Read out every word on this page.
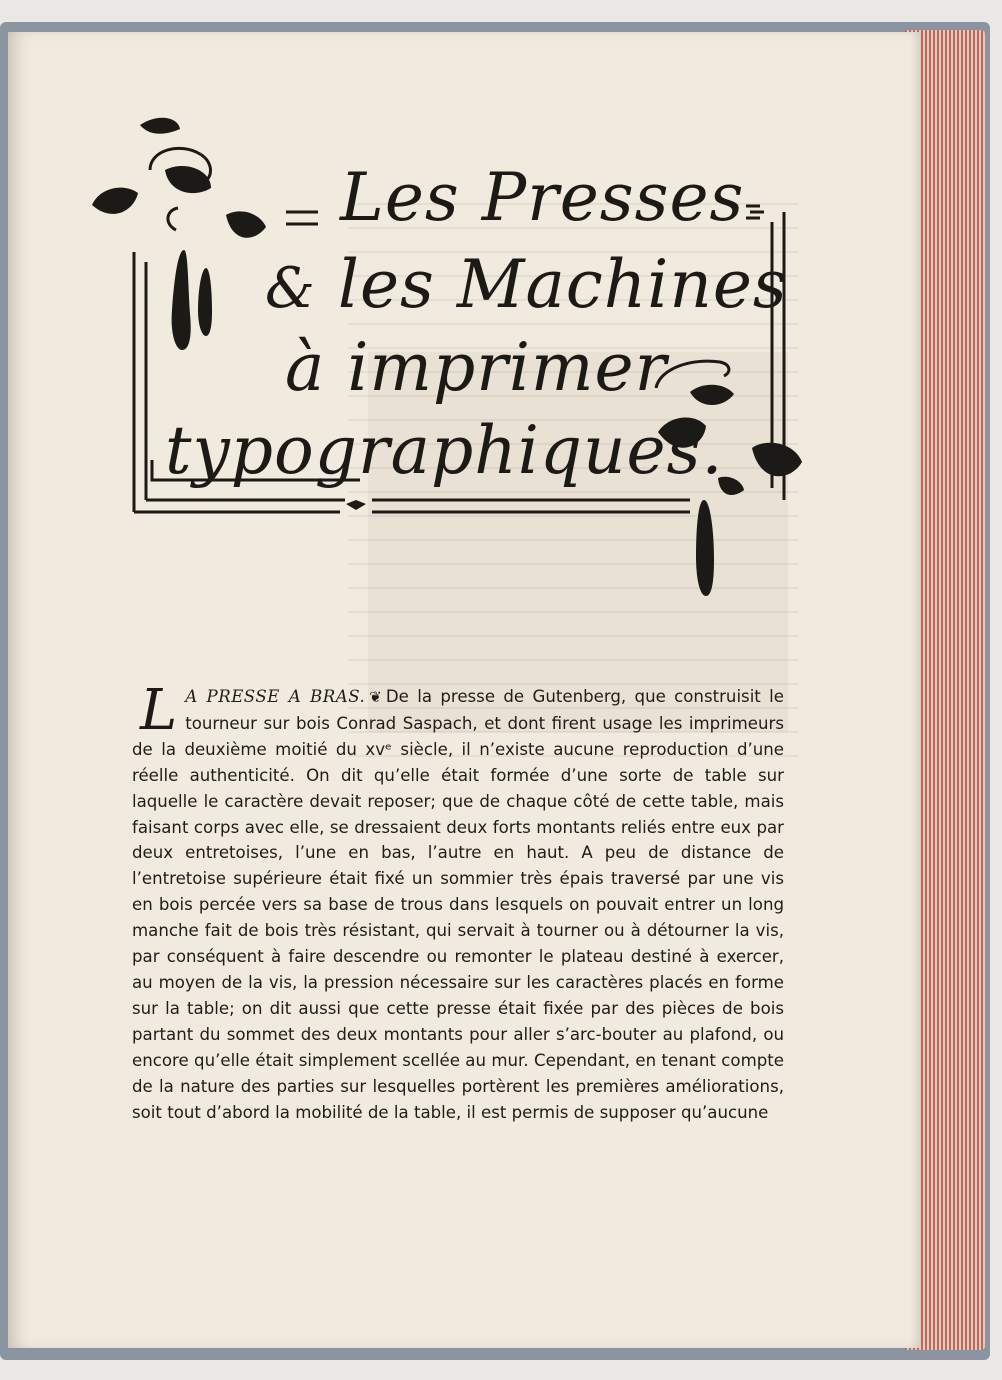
Les Presses
& les Machines
à imprimer
typographiques.

L A PRESSE A BRAS. ❦ De la presse de Gutenberg, que construisit le tourneur sur bois Conrad Saspach, et dont firent usage les imprimeurs de la deuxième moitié du xvᵉ siècle, il n’existe aucune reproduction d’une réelle authenticité. On dit qu’elle était formée d’une sorte de table sur laquelle le caractère devait reposer; que de chaque côté de cette table, mais faisant corps avec elle, se dressaient deux forts montants reliés entre eux par deux entretoises, l’une en bas, l’autre en haut. A peu de distance de l’entretoise supérieure était fixé un sommier très épais traversé par une vis en bois percée vers sa base de trous dans lesquels on pouvait entrer un long manche fait de bois très résistant, qui servait à tourner ou à détourner la vis, par conséquent à faire descendre ou remonter le plateau destiné à exercer, au moyen de la vis, la pression nécessaire sur les caractères placés en forme sur la table; on dit aussi que cette presse était fixée par des pièces de bois partant du sommet des deux montants pour aller s’arc-bouter au plafond, ou encore qu’elle était simplement scellée au mur. Cependant, en tenant compte de la nature des parties sur lesquelles portèrent les premières améliorations, soit tout d’abord la mobilité de la table, il est permis de supposer qu’aucune
